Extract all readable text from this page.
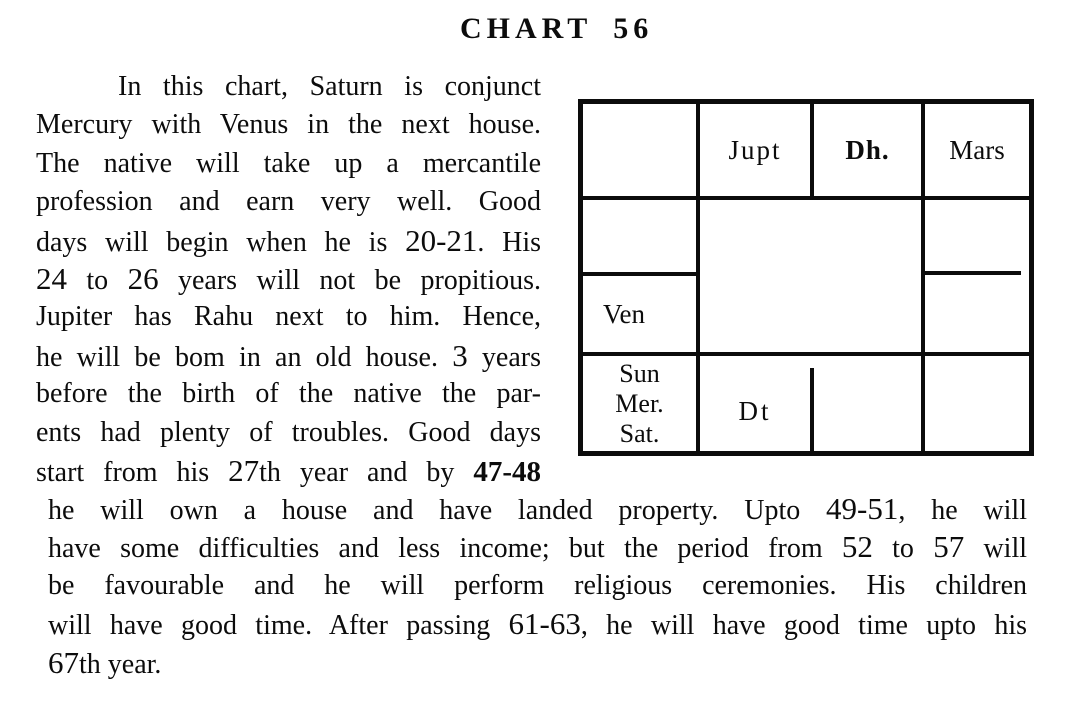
CHART 56
In this chart, Saturn is conjunct
Mercury with Venus in the next house.
The native will take up a mercantile
profession and earn very well. Good
days will begin when he is 20-21. His
24 to 26 years will not be propitious.
Jupiter has Rahu next to him. Hence,
he will be bom in an old house. 3 years
before the birth of the native the par-
ents had plenty of troubles. Good days
start from his 27th year and by 47-48
Jupt	Dh.	Mars
Ven
Sun
Mer.
Sat.
Dt
he will own a house and have landed property. Upto 49-51, he will
have some difficulties and less income; but the period from 52 to 57 will
be favourable and he will perform religious ceremonies. His children
will have good time. After passing 61-63, he will have good time upto his
67th year.
